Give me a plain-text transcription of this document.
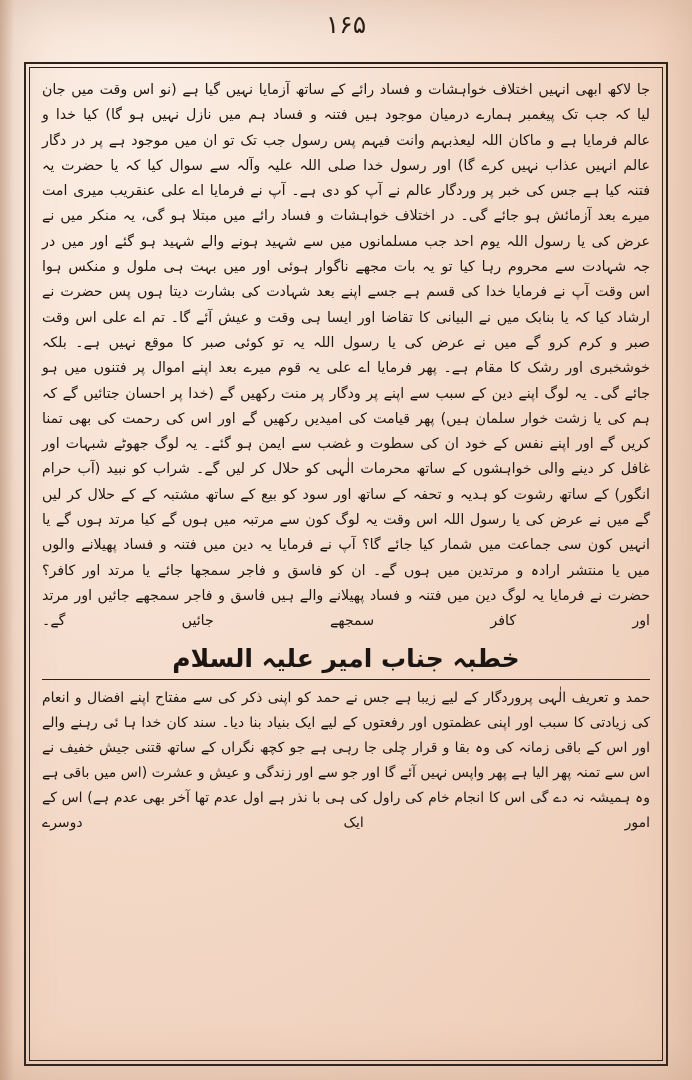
۱۶۵

جا لاکھ ابھی انہیں اختلاف خواہشات و فساد رائے کے ساتھ آزمایا نہیں گیا ہے (نو اس وقت میں جان لیا کہ جب تک پیغمبر ہمارے درمیان موجود ہیں فتنہ و فساد ہم میں نازل نہیں ہو گا) کیا خدا و عالم فرمایا ہے و ماکان اللہ لیعذبہم وانت فیہم پس رسول جب تک تو ان میں موجود ہے پر در دگار عالم انہیں عذاب نہیں کرے گا) اور رسول خدا صلی اللہ علیہ وآلہ سے سوال کیا کہ یا حضرت یہ فتنہ کیا ہے جس کی خبر پر وردگار عالم نے آپ کو دی ہے۔ آپ نے فرمایا اے علی عنقریب میری امت میرے بعد آزمائش ہو جائے گی۔ در اختلاف خواہشات و فساد رائے میں مبتلا ہو گی، یہ منکر میں نے عرض کی یا رسول اللہ یوم احد جب مسلمانوں میں سے شہید ہونے والے شہید ہو گئے اور میں در جہ شہادت سے محروم رہا کیا تو یہ بات مجھے ناگوار ہوئی اور میں بہت ہی ملول و منکس ہوا اس وقت آپ نے فرمایا خدا کی قسم ہے جسے اپنے بعد شہادت کی بشارت دیتا ہوں پس حضرت نے ارشاد کیا کہ یا بنابک میں نے البیانی کا تقاضا اور ایسا ہی وقت و عیش آئے گا۔ تم اے علی اس وقت صبر و کرم کرو گے میں نے عرض کی یا رسول اللہ یہ تو کوئی صبر کا موقع نہیں ہے۔ بلکہ خوشخبری اور رشک کا مقام ہے۔ پھر فرمایا اے علی یہ قوم میرے بعد اپنے اموال پر فتنوں میں ہو جائے گی۔ یہ لوگ اپنے دین کے سبب سے اپنے پر ودگار پر منت رکھیں گے (خدا پر احسان جتائیں گے کہ ہم کی یا زشت خوار سلمان ہیں) پھر قیامت کی امیدیں رکھیں گے اور اس کی رحمت کی بھی تمنا کریں گے اور اپنے نفس کے خود ان کی سطوت و غضب سے ایمن ہو گئے۔ یہ لوگ جھوٹے شبہات اور غافل کر دینے والی خواہشوں کے ساتھ محرمات الٰہی کو حلال کر لیں گے۔ شراب کو نبید (آب حرام انگور) کے ساتھ رشوت کو ہدیہ و تحفہ کے ساتھ اور سود کو بیع کے ساتھ مشتبہ کے کے حلال کر لیں گے میں نے عرض کی یا رسول اللہ اس وقت یہ لوگ کون سے مرتبہ میں ہوں گے کیا مرتد ہوں گے یا انہیں کون سی جماعت میں شمار کیا جائے گا؟ آپ نے فرمایا یہ دین میں فتنہ و فساد پھیلانے والوں میں یا منتشر ارادہ و مرتدین میں ہوں گے۔ ان کو فاسق و فاجر سمجھا جائے یا مرتد اور کافر؟ حضرت نے فرمایا یہ لوگ دین میں فتنہ و فساد پھیلانے والے ہیں فاسق و فاجر سمجھے جائیں اور مرتد اور کافر سمجھے جائیں گے۔

خطبہ جناب امیر علیہ السلام

حمد و تعریف الٰہی پروردگار کے لیے زیبا ہے جس نے حمد کو اپنی ذکر کی سے مفتاح اپنے افضال و انعام کی زیادتی کا سبب اور اپنی عظمتوں اور رفعتوں کے لیے ایک بنیاد بنا دیا۔ سند کان خدا ہا ئی رہنے والے اور اس کے باقی زمانہ کی وہ بقا و قرار چلی جا رہی ہے جو کچھ نگراں کے ساتھ قتنی جیش خفیف نے اس سے تمنہ پھر الیا ہے پھر واپس نہیں آئے گا اور جو سے اور زندگی و عیش و عشرت (اس میں باقی ہے وہ ہمیشہ نہ دے گی اس کا انجام خام کی راول کی ہی با نذر ہے اول عدم تھا آخر بھی عدم ہے) اس کے امور ایک دوسرے
